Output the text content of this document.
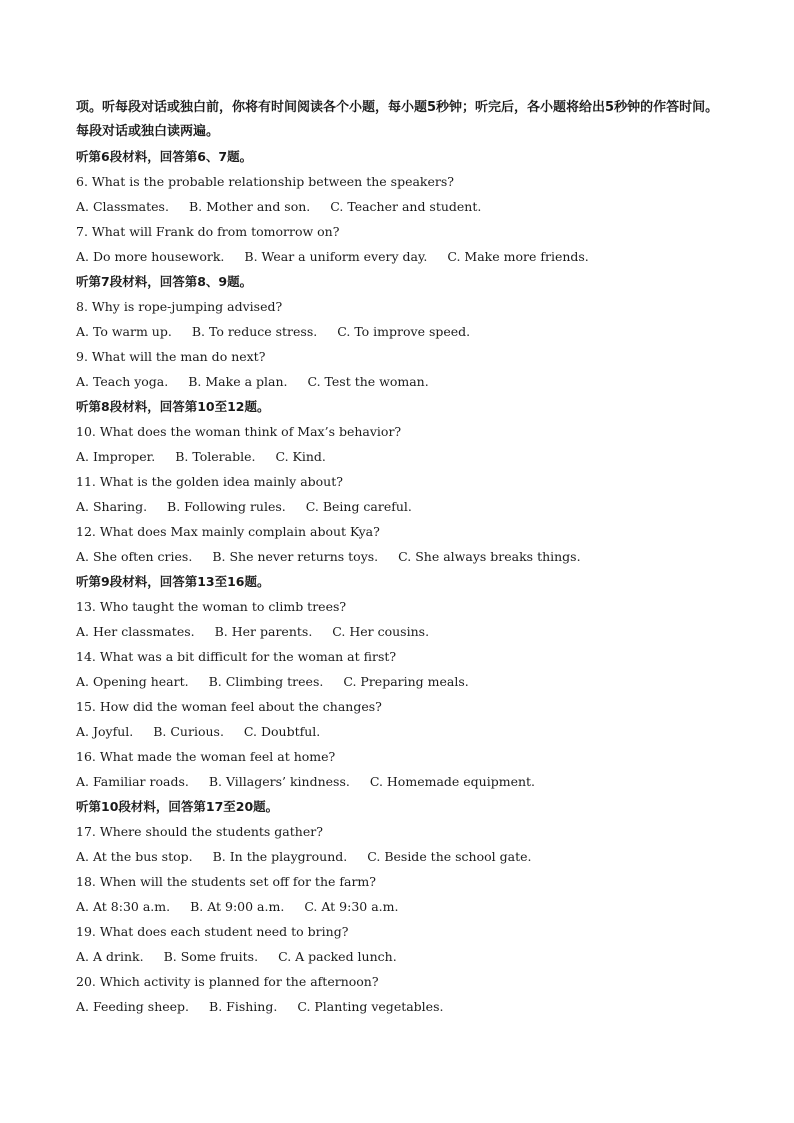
项。听每段对话或独白前，你将有时间阅读各个小题，每小题5秒钟；听完后，各小题将给出5秒钟的作答时间。每段对话或独白读两遍。

听第6段材料，回答第6、7题。
6. What is the probable relationship between the speakers?
A. Classmates. B. Mother and son. C. Teacher and student.
7. What will Frank do from tomorrow on?
A. Do more housework. B. Wear a uniform every day. C. Make more friends.
听第7段材料，回答第8、9题。
8. Why is rope-jumping advised?
A. To warm up. B. To reduce stress. C. To improve speed.
9. What will the man do next?
A. Teach yoga. B. Make a plan. C. Test the woman.
听第8段材料，回答第10至12题。
10. What does the woman think of Max’s behavior?
A. Improper. B. Tolerable. C. Kind.
11. What is the golden idea mainly about?
A. Sharing. B. Following rules. C. Being careful.
12. What does Max mainly complain about Kya?
A. She often cries. B. She never returns toys. C. She always breaks things.
听第9段材料，回答第13至16题。
13. Who taught the woman to climb trees?
A. Her classmates. B. Her parents. C. Her cousins.
14. What was a bit difficult for the woman at first?
A. Opening heart. B. Climbing trees. C. Preparing meals.
15. How did the woman feel about the changes?
A. Joyful. B. Curious. C. Doubtful.
16. What made the woman feel at home?
A. Familiar roads. B. Villagers’ kindness. C. Homemade equipment.
听第10段材料，回答第17至20题。
17. Where should the students gather?
A. At the bus stop. B. In the playground. C. Beside the school gate.
18. When will the students set off for the farm?
A. At 8:30 a.m. B. At 9:00 a.m. C. At 9:30 a.m.
19. What does each student need to bring?
A. A drink. B. Some fruits. C. A packed lunch.
20. Which activity is planned for the afternoon?
A. Feeding sheep. B. Fishing. C. Planting vegetables.
